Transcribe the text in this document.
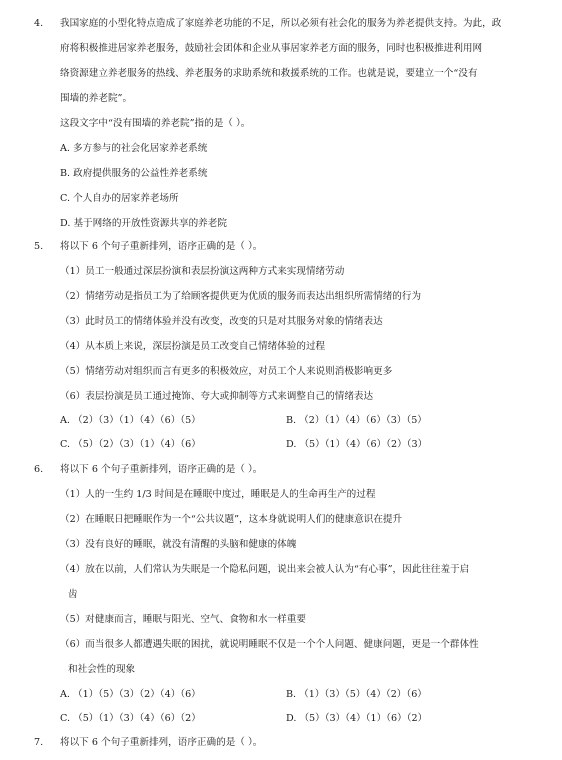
4. 我国家庭的小型化特点造成了家庭养老功能的不足，所以必须有社会化的服务为养老提供支持。为此，政
府将积极推进居家养老服务，鼓励社会团体和企业从事居家养老方面的服务，同时也积极推进利用网
络资源建立养老服务的热线、养老服务的求助系统和救援系统的工作。也就是说，要建立一个“没有
围墙的养老院”。
这段文字中“没有围墙的养老院”指的是（ ）。
A. 多方参与的社会化居家养老系统
B. 政府提供服务的公益性养老系统
C. 个人自办的居家养老场所
D. 基于网络的开放性资源共享的养老院
5. 将以下 6 个句子重新排列，语序正确的是（ ）。
（1）员工一般通过深层扮演和表层扮演这两种方式来实现情绪劳动
（2）情绪劳动是指员工为了给顾客提供更为优质的服务而表达出组织所需情绪的行为
（3）此时员工的情绪体验并没有改变，改变的只是对其服务对象的情绪表达
（4）从本质上来说，深层扮演是员工改变自己情绪体验的过程
（5）情绪劳动对组织而言有更多的积极效应，对员工个人来说则消极影响更多
（6）表层扮演是员工通过掩饰、夸大或抑制等方式来调整自己的情绪表达
A. （2）（3）（1）（4）（6）（5）	B. （2）（1）（4）（6）（3）（5）
C. （5）（2）（3）（1）（4）（6）	D. （5）（1）（4）（6）（2）（3）
6. 将以下 6 个句子重新排列，语序正确的是（ ）。
（1）人的一生约 1/3 时间是在睡眠中度过，睡眠是人的生命再生产的过程
（2）在睡眠日把睡眠作为一个“公共议题”，这本身就说明人们的健康意识在提升
（3）没有良好的睡眠，就没有清醒的头脑和健康的体魄
（4）放在以前，人们常认为失眠是一个隐私问题，说出来会被人认为“有心事”，因此往往羞于启
齿
（5）对健康而言，睡眠与阳光、空气、食物和水一样重要
（6）而当很多人都遭遇失眠的困扰，就说明睡眠不仅是一个个人问题、健康问题，更是一个群体性
和社会性的现象
A. （1）（5）（3）（2）（4）（6）	B. （1）（3）（5）（4）（2）（6）
C. （5）（1）（3）（4）（6）（2）	D. （5）（3）（4）（1）（6）（2）
7. 将以下 6 个句子重新排列，语序正确的是（ ）。
